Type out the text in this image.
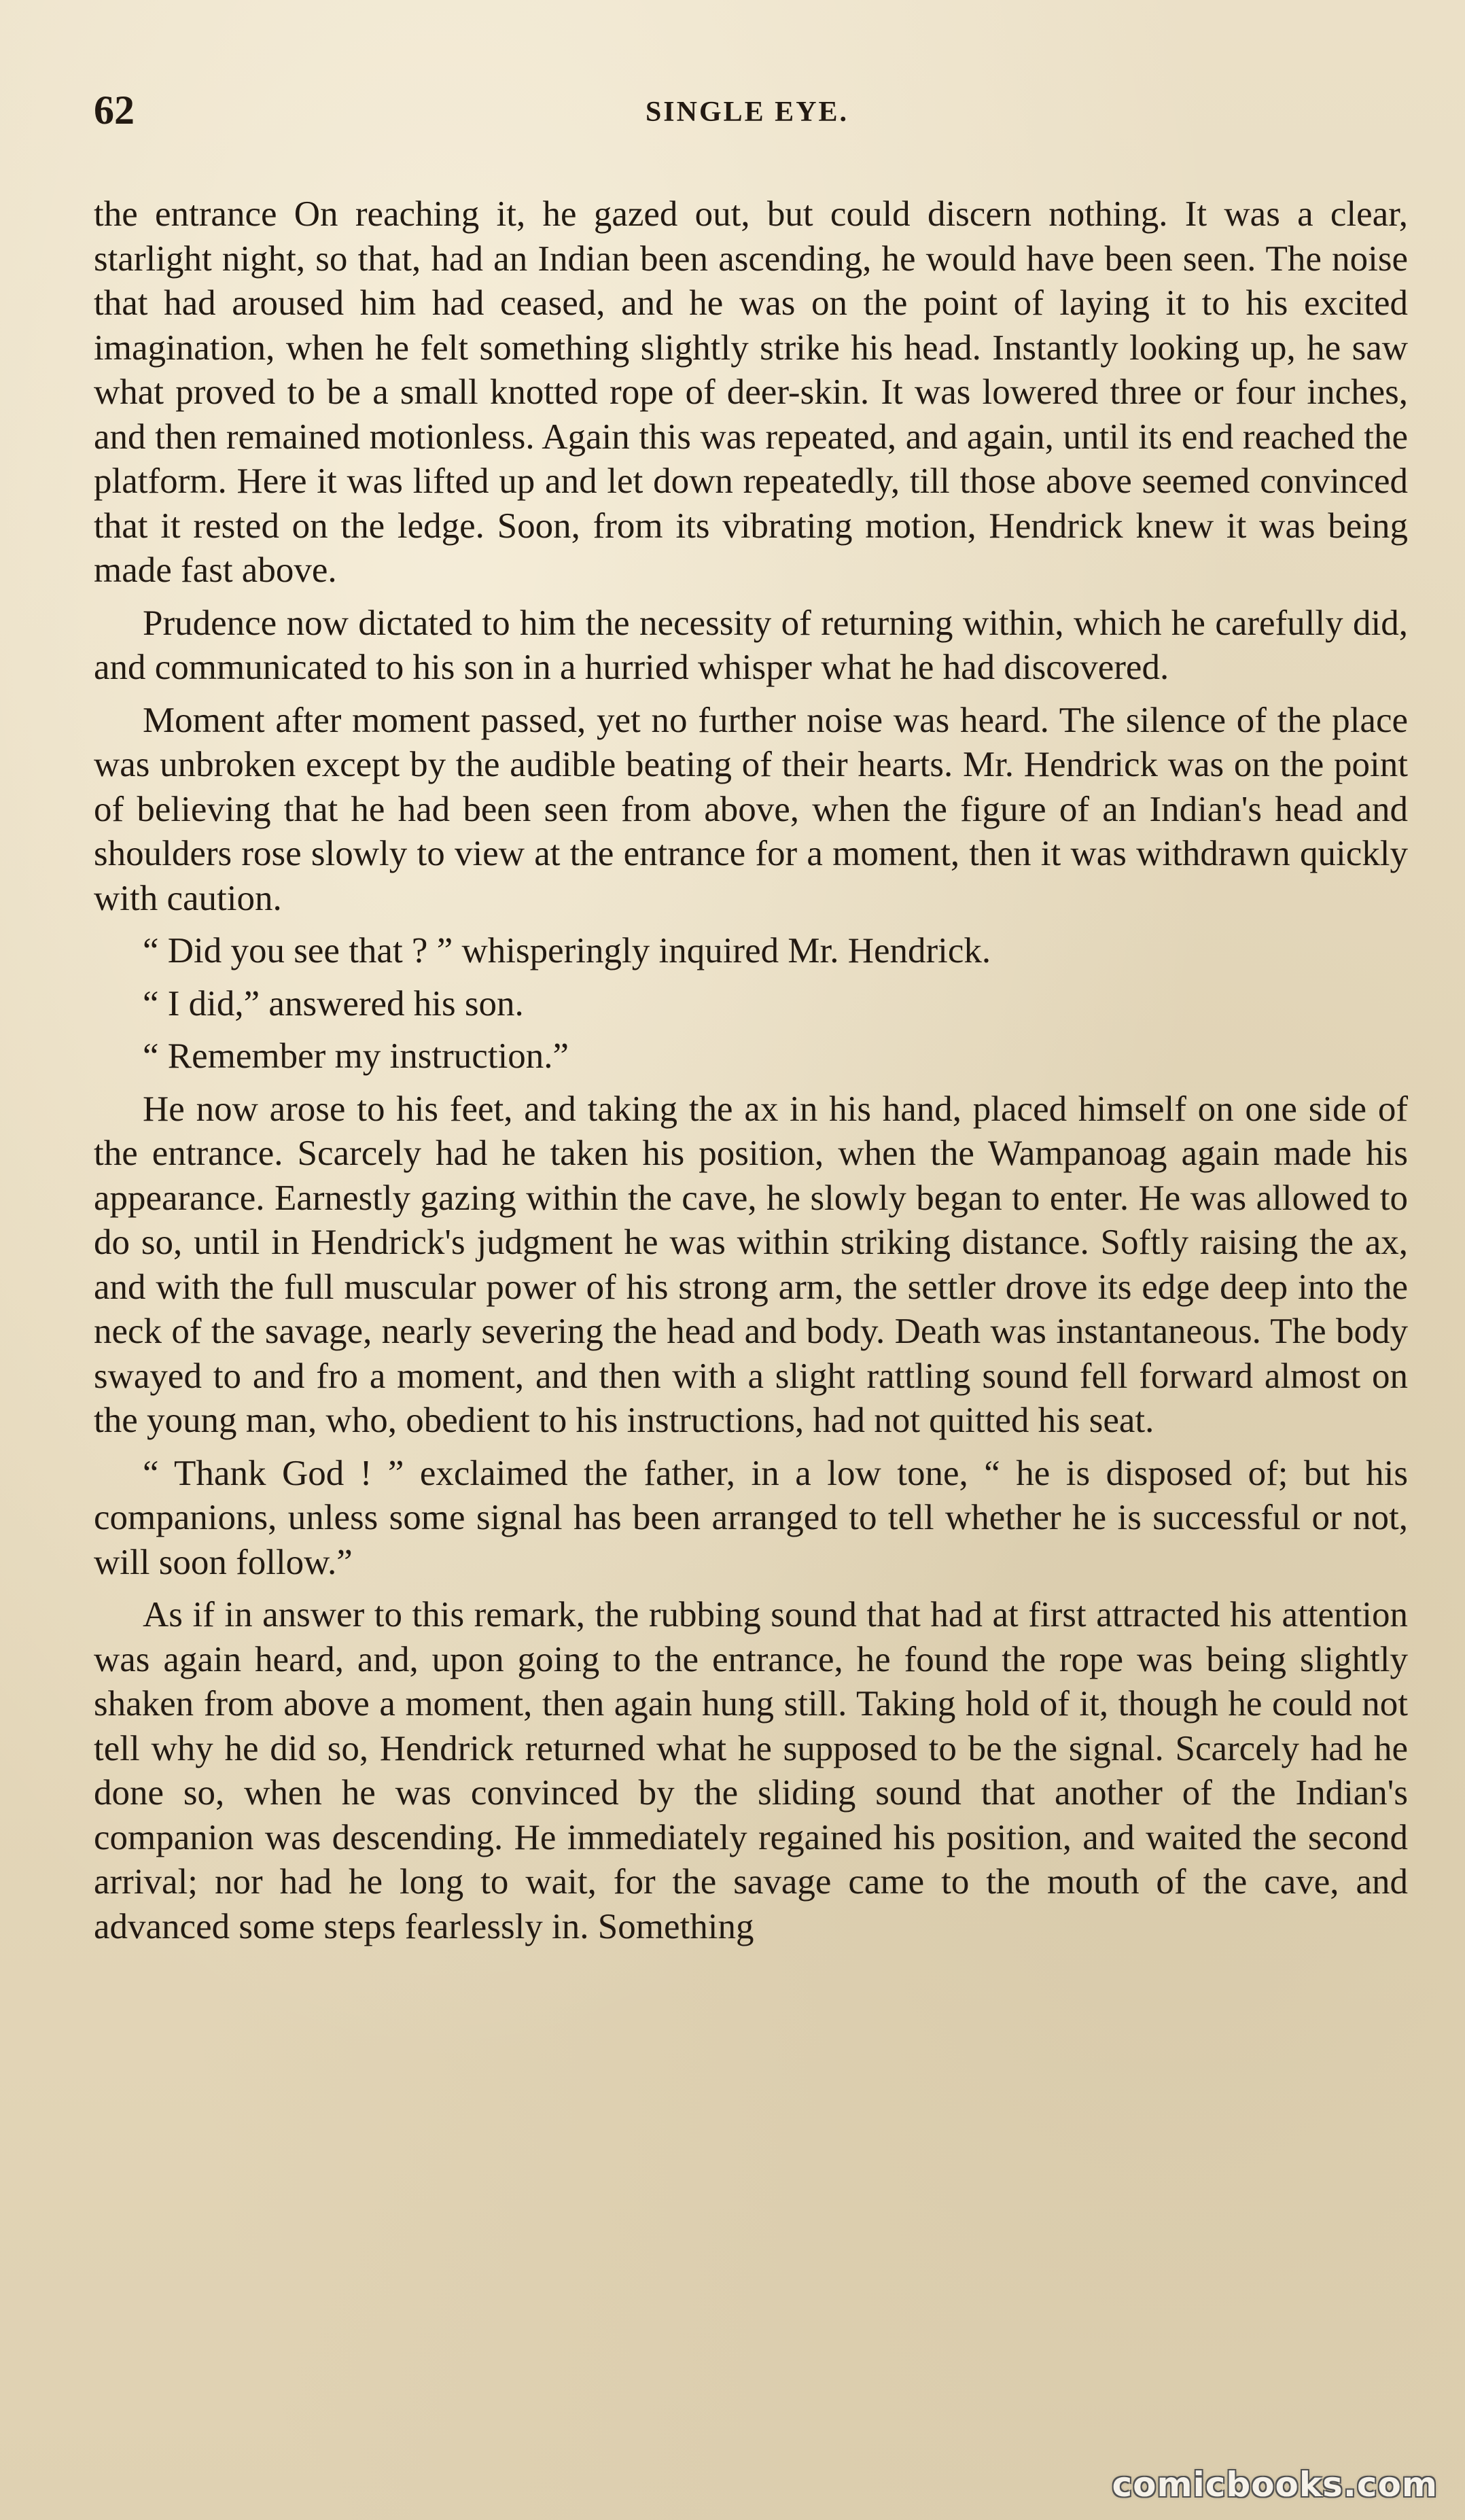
62	SINGLE EYE.

the entrance On reaching it, he gazed out, but could discern nothing. It was a clear, starlight night, so that, had an Indian been ascending, he would have been seen. The noise that had aroused him had ceased, and he was on the point of laying it to his excited imagination, when he felt something slightly strike his head. Instantly looking up, he saw what proved to be a small knotted rope of deer-skin. It was lowered three or four inches, and then remained motionless. Again this was repeated, and again, until its end reached the platform. Here it was lifted up and let down repeatedly, till those above seemed convinced that it rested on the ledge. Soon, from its vibrating motion, Hendrick knew it was being made fast above.

Prudence now dictated to him the necessity of returning within, which he carefully did, and communicated to his son in a hurried whisper what he had discovered.

Moment after moment passed, yet no further noise was heard. The silence of the place was unbroken except by the audible beating of their hearts. Mr. Hendrick was on the point of believing that he had been seen from above, when the figure of an Indian's head and shoulders rose slowly to view at the entrance for a moment, then it was withdrawn quickly with caution.

“ Did you see that ? ” whisperingly inquired Mr. Hendrick.

“ I did,” answered his son.

“ Remember my instruction.”

He now arose to his feet, and taking the ax in his hand, placed himself on one side of the entrance. Scarcely had he taken his position, when the Wampanoag again made his appearance. Earnestly gazing within the cave, he slowly began to enter. He was allowed to do so, until in Hendrick's judgment he was within striking distance. Softly raising the ax, and with the full muscular power of his strong arm, the settler drove its edge deep into the neck of the savage, nearly severing the head and body. Death was instantaneous. The body swayed to and fro a moment, and then with a slight rattling sound fell forward almost on the young man, who, obedient to his instructions, had not quitted his seat.

“ Thank God ! ” exclaimed the father, in a low tone, “ he is disposed of; but his companions, unless some signal has been arranged to tell whether he is successful or not, will soon follow.”

As if in answer to this remark, the rubbing sound that had at first attracted his attention was again heard, and, upon going to the entrance, he found the rope was being slightly shaken from above a moment, then again hung still. Taking hold of it, though he could not tell why he did so, Hendrick returned what he supposed to be the signal. Scarcely had he done so, when he was convinced by the sliding sound that another of the Indian's companion was descending. He immediately regained his position, and waited the second arrival; nor had he long to wait, for the savage came to the mouth of the cave, and advanced some steps fearlessly in. Something

comicbooks.com
